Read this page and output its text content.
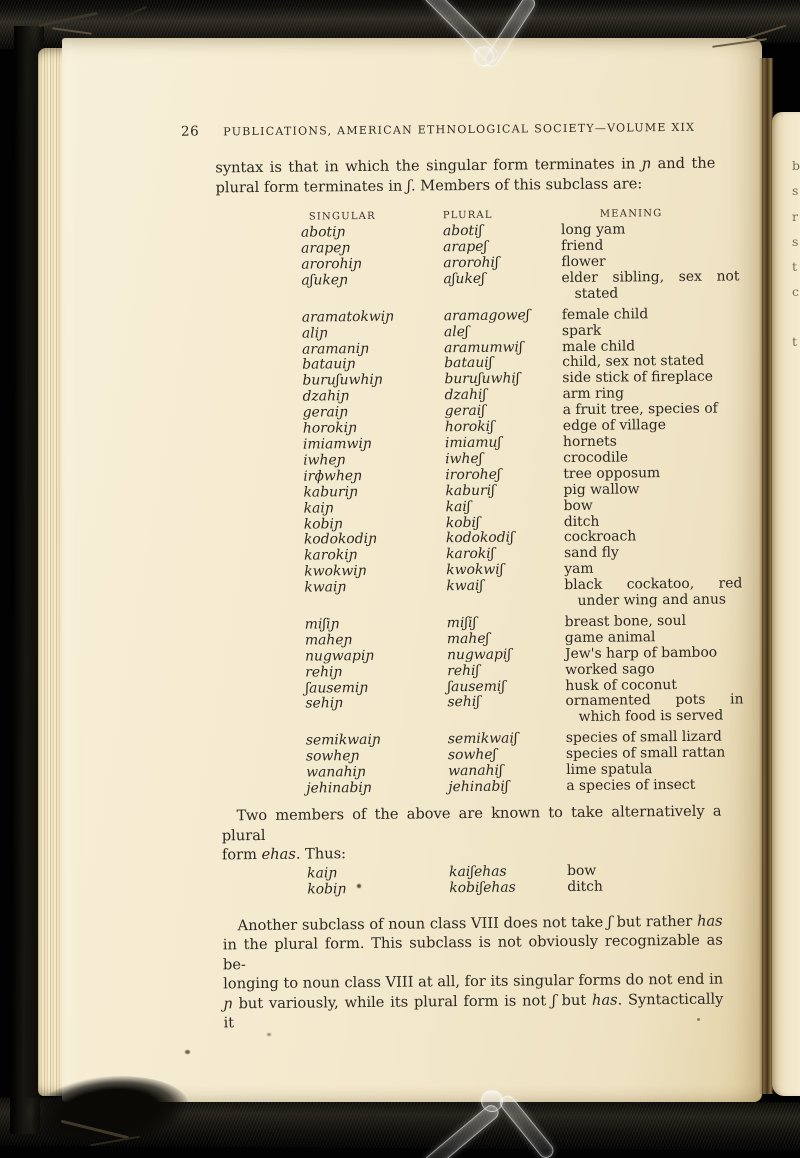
b
s
r
s
t
c
t
26 PUBLICATIONS, AMERICAN ETHNOLOGICAL SOCIETY—VOLUME XIX
syntax is that in which the singular form terminates in ɲ and the
plural form terminates in ʃ. Members of this subclass are:
SINGULAR	PLURAL	MEANING
abotiɲ	abotiʃ	long yam
arapeɲ	arapeʃ	friend
arorohiɲ	arorohiʃ	flower
aʃukeɲ	aʃukeʃ	elder sibling, sex not
stated
aramatokwiɲ	aramagoweʃ	female child
aliɲ	aleʃ	spark
aramaniɲ	aramumwiʃ	male child
batauiɲ	batauiʃ	child, sex not stated
buruʃuwhiɲ	buruʃuwhiʃ	side stick of fireplace
dzahiɲ	dzahiʃ	arm ring
geraiɲ	geraiʃ	a fruit tree, species of
horokiɲ	horokiʃ	edge of village
imiamwiɲ	imiamuʃ	hornets
iwheɲ	iwheʃ	crocodile
irɸwheɲ	iroroheʃ	tree opposum
kaburiɲ	kaburiʃ	pig wallow
kaiɲ	kaiʃ	bow
kobiɲ	kobiʃ	ditch
kodokodiɲ	kodokodiʃ	cockroach
karokiɲ	karokiʃ	sand fly
kwokwiɲ	kwokwiʃ	yam
kwaiɲ	kwaiʃ	black cockatoo, red
under wing and anus
miʃiɲ	miʃiʃ	breast bone, soul
maheɲ	maheʃ	game animal
nugwapiɲ	nugwapiʃ	Jew's harp of bamboo
rehiɲ	rehiʃ	worked sago
ʃausemiɲ	ʃausemiʃ	husk of coconut
sehiɲ	sehiʃ	ornamented pots in
which food is served
semikwaiɲ	semikwaiʃ	species of small lizard
sowheɲ	sowheʃ	species of small rattan
wanahiɲ	wanahiʃ	lime spatula
jehinabiɲ	jehinabiʃ	a species of insect
Two members of the above are known to take alternatively a plural
form ehas. Thus:
kaiɲ	kaiʃehas	bow
kobiɲ	kobiʃehas	ditch
Another subclass of noun class VIII does not take ʃ but rather has
in the plural form. This subclass is not obviously recognizable as be-
longing to noun class VIII at all, for its singular forms do not end in
ɲ but variously, while its plural form is not ʃ but has. Syntactically it
